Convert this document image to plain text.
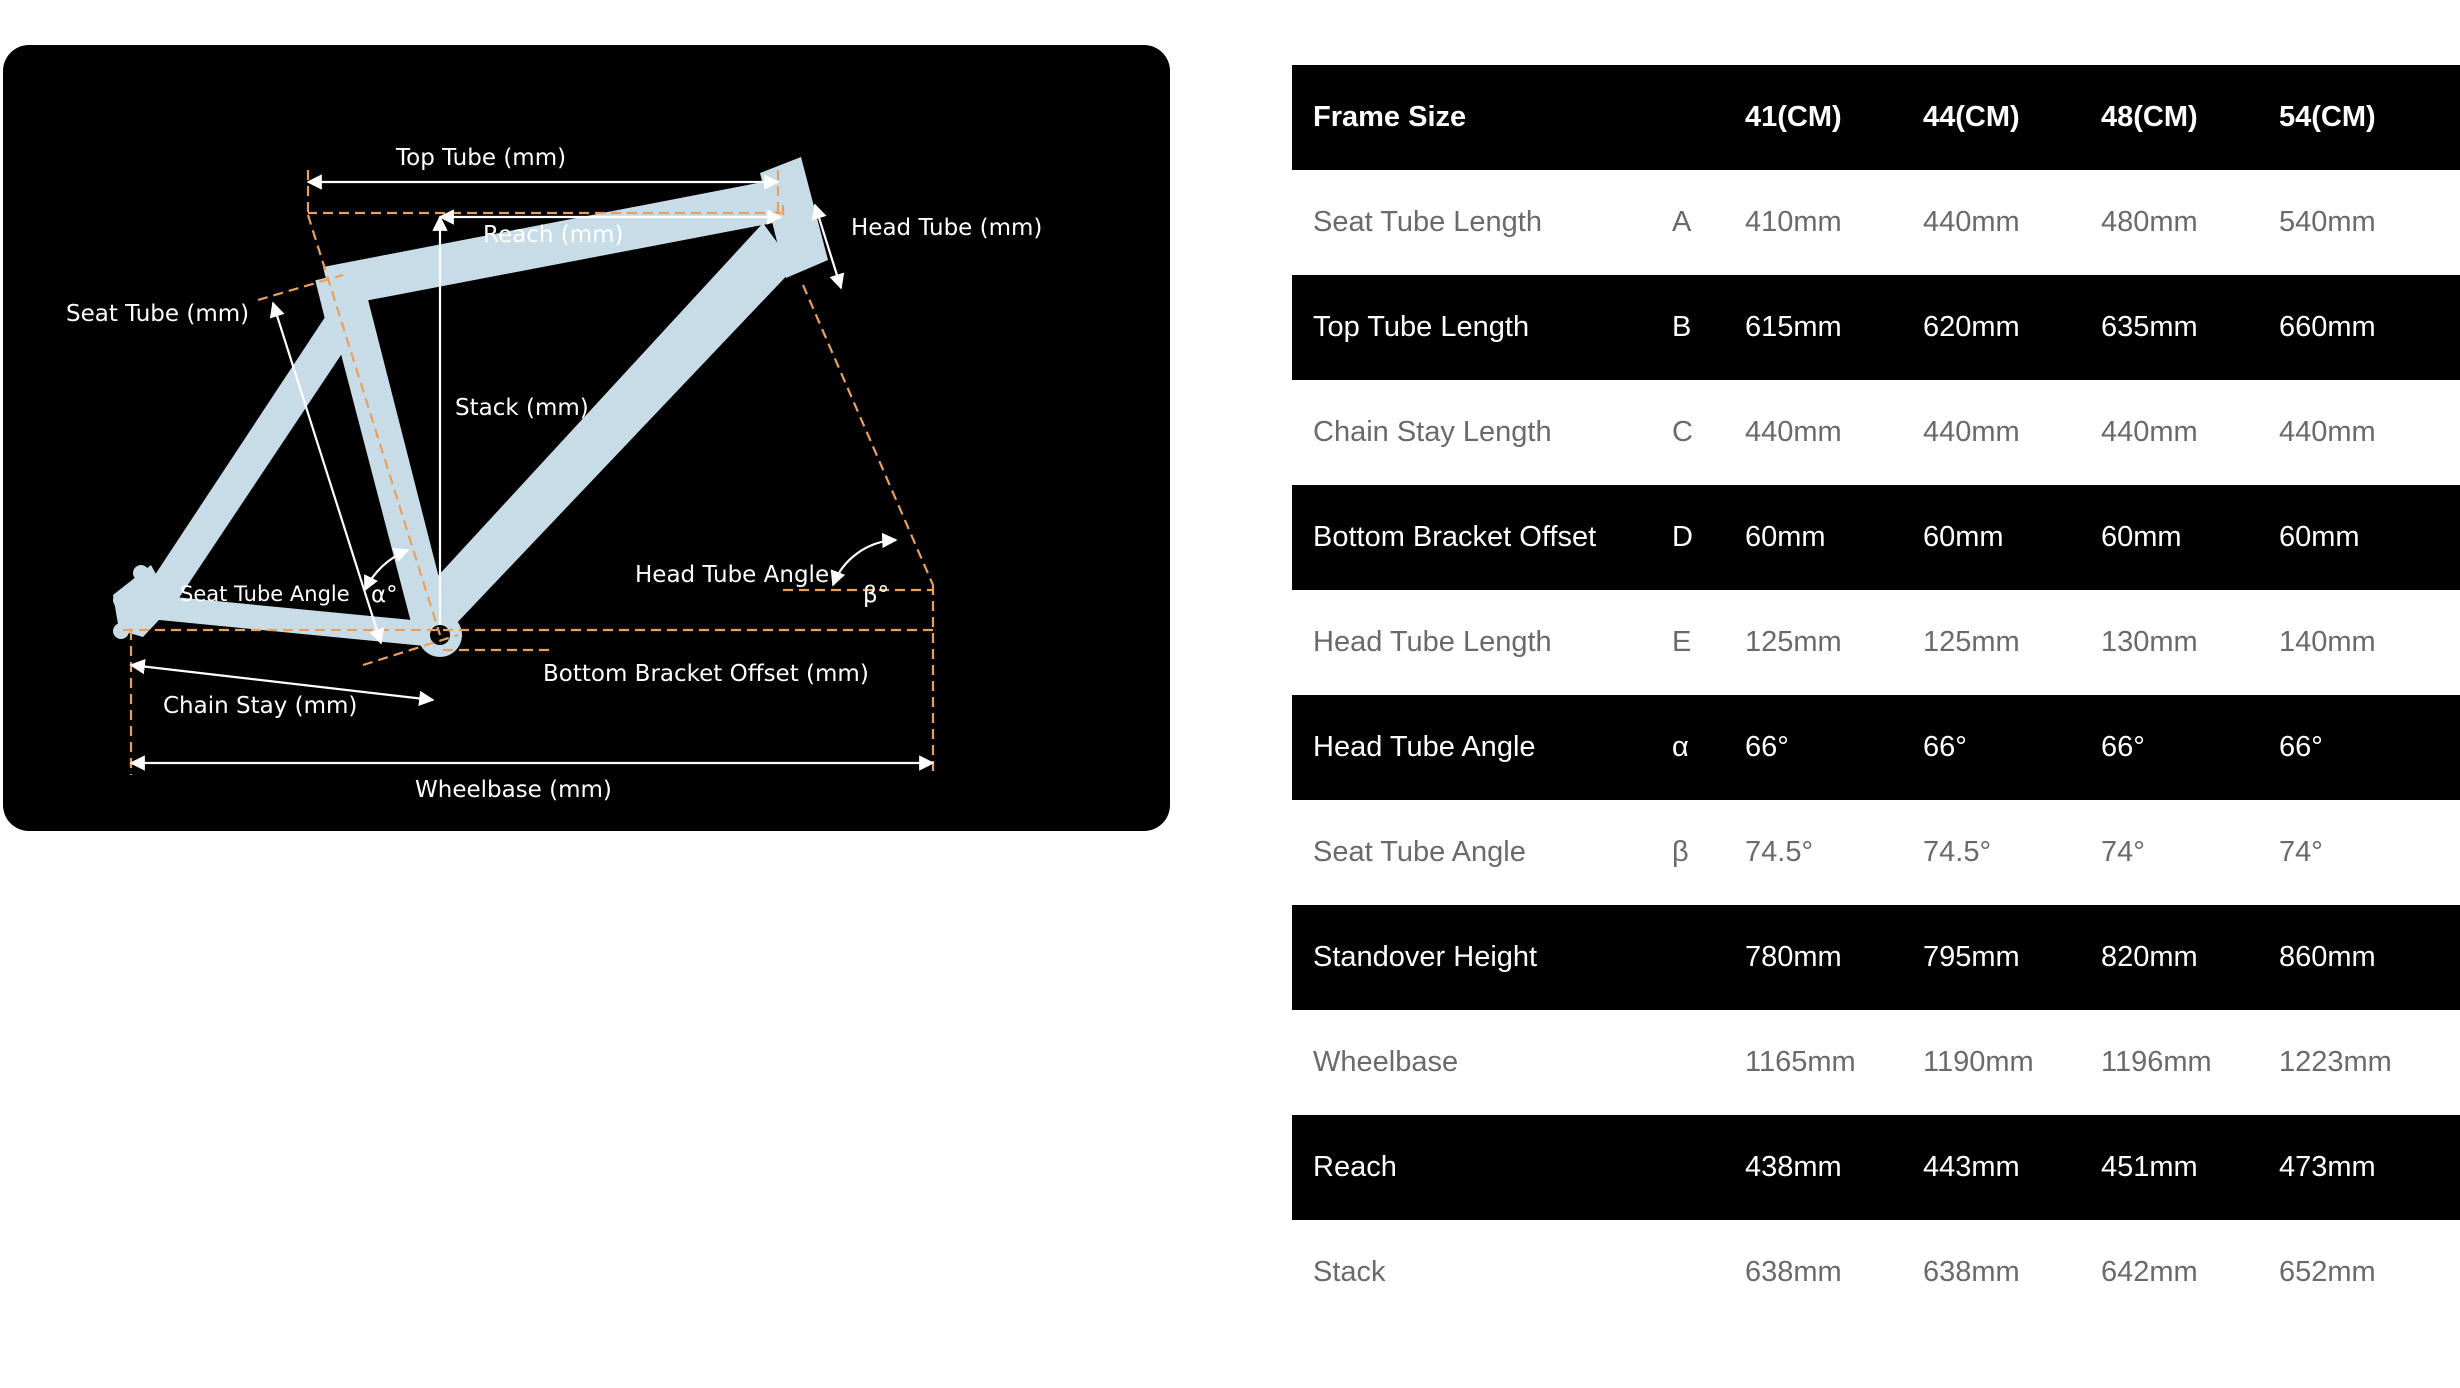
Top Tube (mm)
Reach (mm)	Head Tube (mm)
Seat Tube (mm)
Stack (mm)
Head Tube Angle
β°
Seat Tube Angle α°
Bottom Bracket Offset (mm)
Chain Stay (mm)
Wheelbase (mm)
Frame Size		41(CM)	44(CM)	48(CM)	54(CM)
Seat Tube Length	A	410mm	440mm	480mm	540mm
Top Tube Length	B	615mm	620mm	635mm	660mm
Chain Stay Length	C	440mm	440mm	440mm	440mm
Bottom Bracket Offset	D	60mm	60mm	60mm	60mm
Head Tube Length	E	125mm	125mm	130mm	140mm
Head Tube Angle	α	66°	66°	66°	66°
Seat Tube Angle	β	74.5°	74.5°	74°	74°
Standover Height		780mm	795mm	820mm	860mm
Wheelbase		1165mm	1190mm	1196mm	1223mm
Reach		438mm	443mm	451mm	473mm
Stack		638mm	638mm	642mm	652mm
